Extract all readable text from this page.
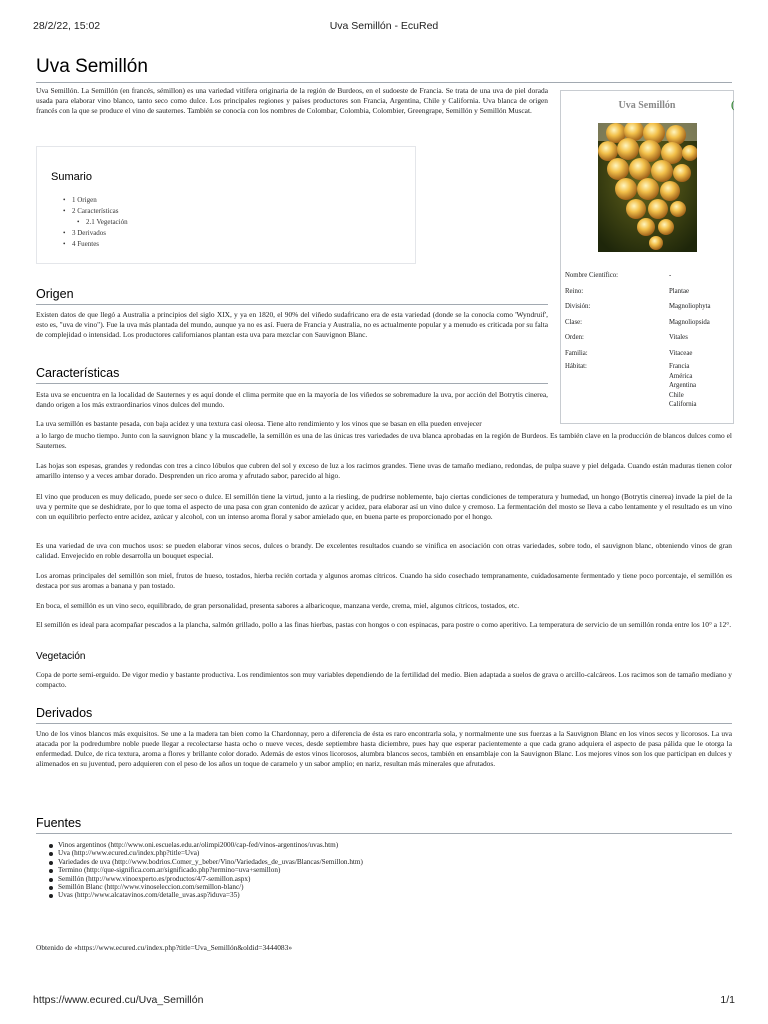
28/2/22, 15:02	Uva Semillón - EcuRed
Uva Semillón

Uva Semillón. La Semillón (en francés, sémillon) es una variedad vitífera originaria de la región de Burdeos, en el sudoeste de Francia. Se trata de una uva de piel dorada usada para elaborar vino blanco, tanto seco como dulce. Los principales regiones y países productores son Francia, Argentina, Chile y California. Uva blanca de origen francés con la que se produce el vino de sauternes. También se conocía con los nombres de Colombar, Colombia, Colombier, Greengrape, Semillón y Semillón Muscat.

Sumario
• 1 Origen
• 2 Características
• 2.1 Vegetación
• 3 Derivados
• 4 Fuentes
Uva Semillón
Nombre Científico:	-
Reino:	Plantae
División:	Magnoliophyta
Clase:	Magnoliopsida
Orden:	Vitales
Familia:	Vitaceae
Hábitat:	Francia
América
Argentina
Chile
California
(
Origen

Existen datos de que llegó a Australia a principios del siglo XIX, y ya en 1820, el 90% del viñedo sudafricano era de esta variedad (donde se la conocía como 'Wyndruif', esto es, "uva de vino"). Fue la uva más plantada del mundo, aunque ya no es así. Fuera de Francia y Australia, no es actualmente popular y a menudo es criticada por su falta de complejidad o intensidad. Los productores californianos plantan esta uva para mezclar con Sauvignon Blanc.

Características

Esta uva se encuentra en la localidad de Sauternes y es aquí donde el clima permite que en la mayoría de los viñedos se sobremadure la uva, por acción del Botrytis cinerea, dando origen a los más extraordinarios vinos dulces del mundo.

La uva semillón es bastante pesada, con baja acidez y una textura casi oleosa. Tiene alto rendimiento y los vinos que se basan en ella pueden envejecer

a lo largo de mucho tiempo. Junto con la sauvignon blanc y la muscadelle, la semillón es una de las únicas tres variedades de uva blanca aprobadas en la región de Burdeos. Es también clave en la producción de blancos dulces como el Sauternes.

Las hojas son espesas, grandes y redondas con tres a cinco lóbulos que cubren del sol y exceso de luz a los racimos grandes. Tiene uvas de tamaño mediano, redondas, de pulpa suave y piel delgada. Cuando están maduras tienen color amarillo intenso y a veces ambar dorado. Desprenden un rico aroma y afrutado sabor, parecido al higo.

El vino que producen es muy delicado, puede ser seco o dulce. El semillón tiene la virtud, junto a la riesling, de pudrirse noblemente, bajo ciertas condiciones de temperatura y humedad, un hongo (Botrytis cinerea) invade la piel de la uva y permite que se deshidrate, por lo que toma el aspecto de una pasa con gran contenido de azúcar y acidez, para elaborar así un vino dulce y cremoso. La fermentación del mosto se lleva a cabo lentamente y el resultado es un vino con un equilibrio perfecto entre acidez, azúcar y alcohol, con un intenso aroma floral y sabor amielado que, en buena parte es proporcionado por el hongo.

Es una variedad de uva con muchos usos: se pueden elaborar vinos secos, dulces o brandy. De excelentes resultados cuando se vinifica en asociación con otras variedades, sobre todo, el sauvignon blanc, obteniendo vinos de gran calidad. Envejecido en roble desarrolla un bouquet especial.

Los aromas principales del semillón son miel, frutos de hueso, tostados, hierba recién cortada y algunos aromas cítricos. Cuando ha sido cosechado tempranamente, cuidadosamente fermentado y tiene poco porcentaje, el semillón es destaca por sus aromas a banana y pan tostado.

En boca, el semillón es un vino seco, equilibrado, de gran personalidad, presenta sabores a albaricoque, manzana verde, crema, miel, algunos cítricos, tostados, etc.

El semillón es ideal para acompañar pescados a la plancha, salmón grillado, pollo a las finas hierbas, pastas con hongos o con espinacas, para postre o como aperitivo. La temperatura de servicio de un semillón ronda entre los 10° a 12°.

Vegetación

Copa de porte semi-erguido. De vigor medio y bastante productiva. Los rendimientos son muy variables dependiendo de la fertilidad del medio. Bien adaptada a suelos de grava o arcillo-calcáreos. Los racimos son de tamaño mediano y compacto.

Derivados

Uno de los vinos blancos más exquisitos. Se une a la madera tan bien como la Chardonnay, pero a diferencia de ésta es raro encontrarla sola, y normalmente une sus fuerzas a la Sauvignon Blanc en los vinos secos y licorosos. La uva atacada por la podredumbre noble puede llegar a recolectarse hasta ocho o nueve veces, desde septiembre hasta diciembre, pues hay que esperar pacientemente a que cada grano adquiera el aspecto de pasa pálida que le otorga la enfermedad. Dulce, de rica textura, aroma a flores y brillante color dorado. Además de estos vinos licorosos, alumbra blancos secos, también en ensamblaje con la Sauvignon Blanc. Los mejores vinos son los que participan en dulces y alimenados en su juventud, pero adquieren con el peso de los años un toque de caramelo y un sabor amplio; en nariz, resultan más minerales que afrutados.

Fuentes
Vinos argentinos (http://www.oni.escuelas.edu.ar/olimpi2000/cap-fed/vinos-argentinos/uvas.htm)
Uva (http://www.ecured.cu/index.php?title=Uva)
Variedades de uva (http://www.bodrios.Comer_y_beber/Vino/Variedades_de_uvas/Blancas/Semillon.htm)
Termino (http://que-significa.com.ar/significado.php?termino=uva+semillon)
Semillón (http://www.vinoexperto.es/productos/4/7-semillon.aspx)
Semillón Blanc (http://www.vinoseleccion.com/semillon-blanc/)
Uvas (http://www.alcatavinos.com/detalle_uvas.asp?iduva=35)

Obtenido de «https://www.ecured.cu/index.php?title=Uva_Semillón&oldid=3444083»

https://www.ecured.cu/Uva_Semillón	1/1
